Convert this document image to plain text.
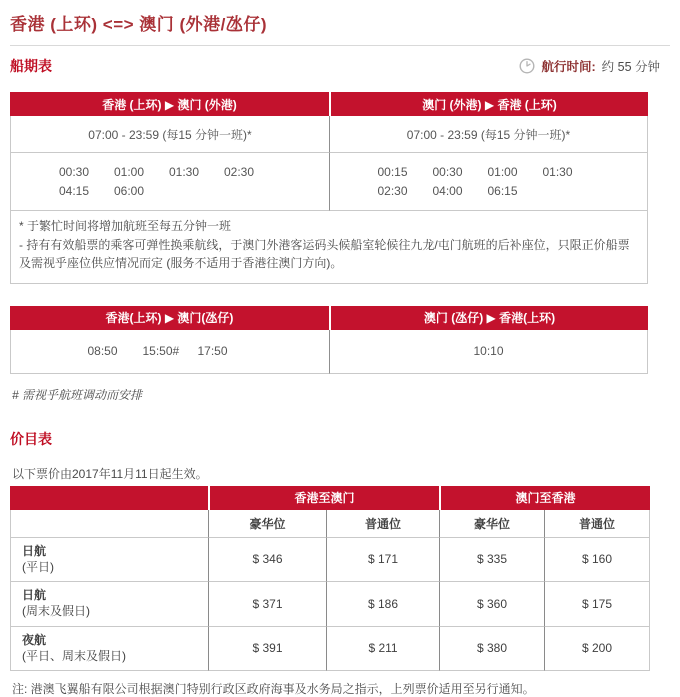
香港 (上环) <=> 澳门 (外港/氹仔)
船期表	航行时间: 约 55 分钟
香港 (上环) ▶ 澳门 (外港)	澳门 (外港) ▶ 香港 (上环)
07:00 - 23:59 (每15 分钟一班)*	07:00 - 23:59 (每15 分钟一班)*

00:30	01:00	01:30	02:30
04:15	06:00

00:15	00:30	01:00	01:30
02:30	04:00	06:15

* 于繁忙时间将增加航班至每五分钟一班
- 持有有效船票的乘客可弹性换乘航线，于澳门外港客运码头候船室轮候往九龙/屯门航班的后补座位，只限正价船票及需视乎座位供应情况而定 (服务不适用于香港往澳门方向)。	
香港(上环) ▶ 澳门(氹仔)	澳门 (氹仔) ▶ 香港(上环)

08:50 15:50# 17:50	10:10

# 需视乎航班调动而安排

价目表

以下票价由2017年11月11日起生效。

	香港至澳门		澳门至香港	
	豪华位	普通位	豪华位	普通位

日航
(平日)	$ 346	$ 171	$ 335	$ 160

日航
(周末及假日)	$ 371	$ 186	$ 360	$ 175

夜航
(平日、周末及假日)	$ 391	$ 211	$ 380	$ 200

注: 港澳飞翼船有限公司根据澳门特别行政区政府海事及水务局之指示，上列票价适用至另行通知。
